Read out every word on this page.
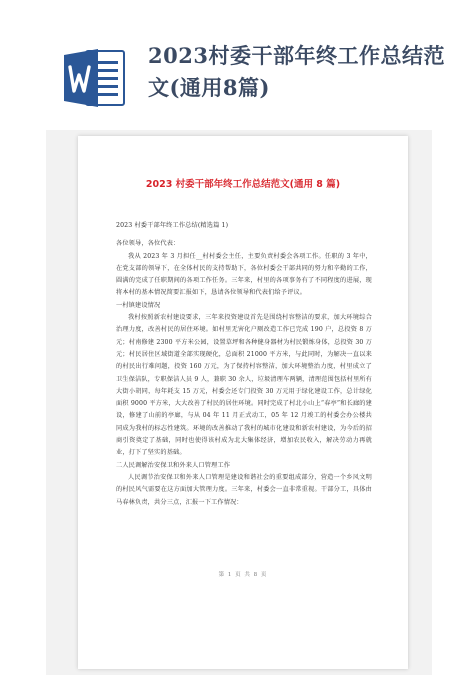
2023村委干部年终工作总结范文(通用8篇)
2023 村委干部年终工作总结范文(通用 8 篇)

2023 村委干部年终工作总结(精选篇 1)

各位领导，各位代表：

我从 2023 年 3 月担任__村村委会主任，主要负责村委会各项工作。任职的 3 年中，在党支部的领导下，在全体村民的支持帮助下，各位村委会干部共同的努力和辛勤的工作，圆满的完成了任职期间的各项工作任务。三年来，村里的各项事务有了不同程度的进展，现将本村的基本情况简要汇报如下，恳请各位领导和代表们给予评议。

一村镇建设情况

我村按照新农村建设要求，三年来投资建设首先是围绕村容整洁的要求，加大环境综合治理力度，改善村民的居住环境。如村里无害化户厕改造工作已完成 190 户，总投资 8 万元；村南修建 2300 平方米公园，设置草坪和各种健身器材为村民锻炼身体，总投资 30 万元；村民居住区域街道全部实现硬化，总面积 21000 平方米，与此同时，为解决一直以来的村民出行难问题，投资 160 万元，为了保持村容整洁，加大环境整治力度，村里成立了卫生保洁队，专职保洁人员 9 人，兼职 30 余人，垃圾清理车两辆，清理范围包括村里所有大街小胡同，每年耗支 15 万元，村委会还专门投资 30 万元用于绿化建设工作，总计绿化面积 9000 平方米，大大改善了村民的居住环境。同时完成了村北小山上“春亭”和长廊的建设，修建了山前的亭廊，与从 04 年 11 月正式动工，05 年 12 月竣工的村委会办公楼共同成为我村的标志性建筑。环境的改善推动了我村的城市化建设和新农村建设，为今后的招商引资奠定了基础，同时也使得该村成为北大集体经济，增加农民收入，解决劳动力再就业，打下了坚实的基础。

二人民调解治安保卫和外来人口管理工作

人民调节治安保卫和外来人口管理是建设和谐社会的重要组成部分，营造一个乡风文明的村民风气需要在这方面加大管理力度。三年来，村委会一直非常重视。干部分工，具体由马春林负责，共分三点，汇报一下工作情况：

第 1 页 共 8 页
